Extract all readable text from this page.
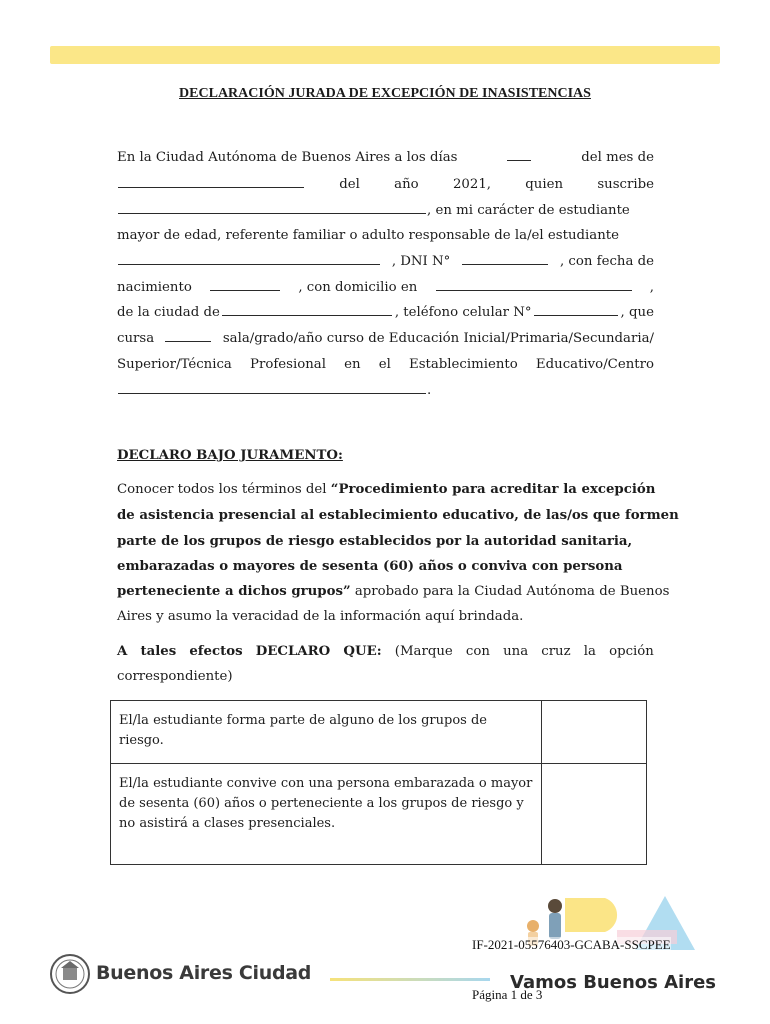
DECLARACIÓN JURADA DE EXCEPCIÓN DE INASISTENCIAS
En la Ciudad Autónoma de Buenos Aires a los días	del mes de
del	año	2021,	quien	suscribe
, en mi carácter de estudiante
mayor de edad, referente familiar o adulto responsable de la/el estudiante
, DNI N°	, con fecha de
nacimiento	, con domicilio en	,
de la ciudad de	, teléfono celular N°	, que
cursa	sala/grado/año curso de Educación Inicial/Primaria/Secundaria/
Superior/Técnica Profesional en el Establecimiento Educativo/Centro
.
DECLARO BAJO JURAMENTO:
Conocer todos los términos del “Procedimiento para acreditar la excepción
de asistencia presencial al establecimiento educativo, de las/os que formen
parte de los grupos de riesgo establecidos por la autoridad sanitaria,
embarazadas o mayores de sesenta (60) años o conviva con persona
perteneciente a dichos grupos” aprobado para la Ciudad Autónoma de Buenos
Aires y asumo la veracidad de la información aquí brindada.
A tales efectos DECLARO QUE: (Marque con una cruz la opción
correspondiente)
El/la estudiante forma parte de alguno de los grupos de riesgo.	
El/la estudiante convive con una persona embarazada o mayor de sesenta (60) años o perteneciente a los grupos de riesgo y no asistirá a clases presenciales.	
Buenos Aires Ciudad
IF-2021-05576403-GCABA-SSCPEE
Vamos Buenos Aires
Página 1 de 3
